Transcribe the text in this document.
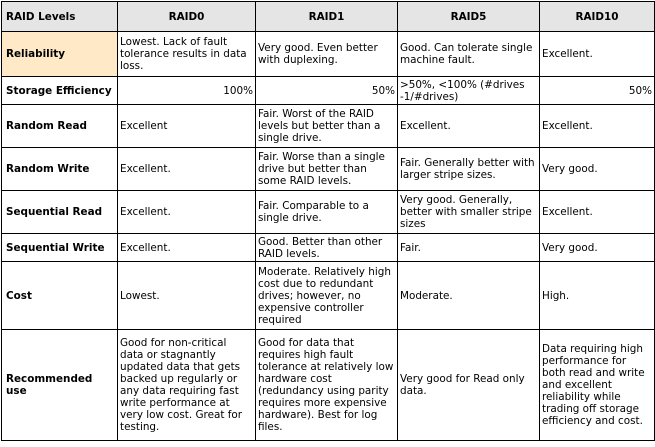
RAID Levels	RAID0	RAID1	RAID5	RAID10
Reliability	Lowest. Lack of fault tolerance results in data loss.	Very good. Even better with duplexing.	Good. Can tolerate single machine fault.	Excellent.
Storage Efficiency	100%	50%	>50%, <100% (#drives -1/#drives)	50%
Random Read	Excellent	Fair. Worst of the RAID levels but better than a single drive.	Excellent.	Excellent.
Random Write	Excellent.	Fair. Worse than a single drive but better than some RAID levels.	Fair. Generally better with larger stripe sizes.	Very good.
Sequential Read	Excellent.	Fair. Comparable to a single drive.	Very good. Generally, better with smaller stripe sizes	Excellent.
Sequential Write	Excellent.	Good. Better than other RAID levels.	Fair.	Very good.
Cost	Lowest.	Moderate. Relatively high cost due to redundant drives; however, no expensive controller required	Moderate.	High.
Recommended use	Good for non-critical data or stagnantly updated data that gets backed up regularly or any data requiring fast write performance at very low cost. Great for testing.	Good for data that requires high fault tolerance at relatively low hardware cost (redundancy using parity requires more expensive hardware). Best for log files.	Very good for Read only data.	Data requiring high performance for both read and write and excellent reliability while trading off storage efficiency and cost.
